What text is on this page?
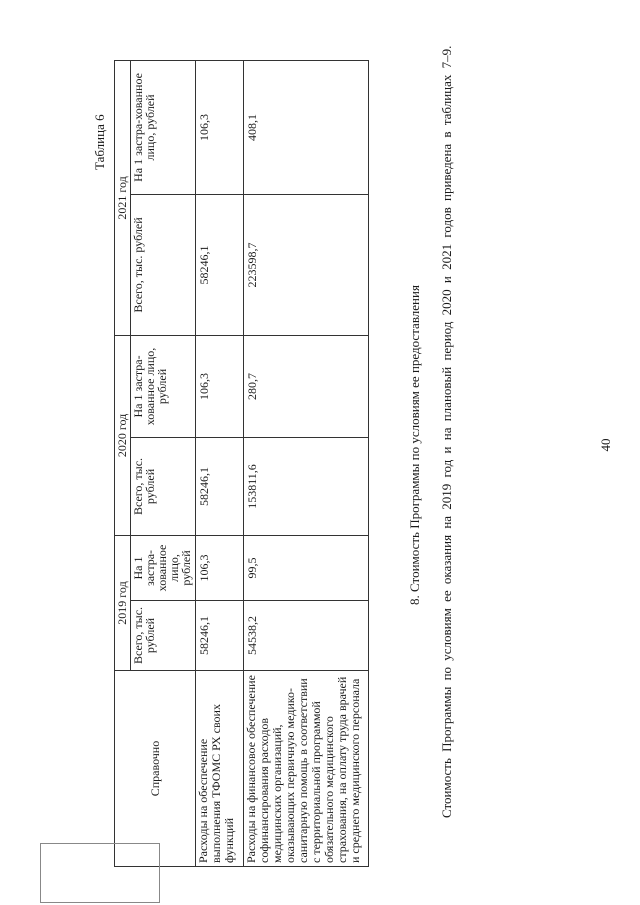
40
Таблица 6
Справочно	2019 год		2020 год		2021 год	
	Всего, тыс. рублей	На 1 застра-хованное лицо, рублей	Всего, тыс. рублей	На 1 застра-хованное лицо, рублей	Всего, тыс. рублей	На 1 застра-хованное лицо, рублей
Расходы на обеспечение выполнения ТФОМС РХ своих функций	58246,1	106,3	58246,1	106,3	58246,1	106,3
Расходы на финансовое обеспечение софинансирования расходов медицинских организаций, оказывающих первичную медико-санитарную помощь в соответствии с территориальной программой обязательного медицинского страхования, на оплату труда врачей и среднего медицинского персонала	54538,2	99,5	153811,6	280,7	223598,7	408,1
8. Стоимость Программы по условиям ее предоставления Стоимость Программы по условиям ее оказания на 2019 год и на плановый период 2020 и 2021 годов приведена в таблицах 7–9.
